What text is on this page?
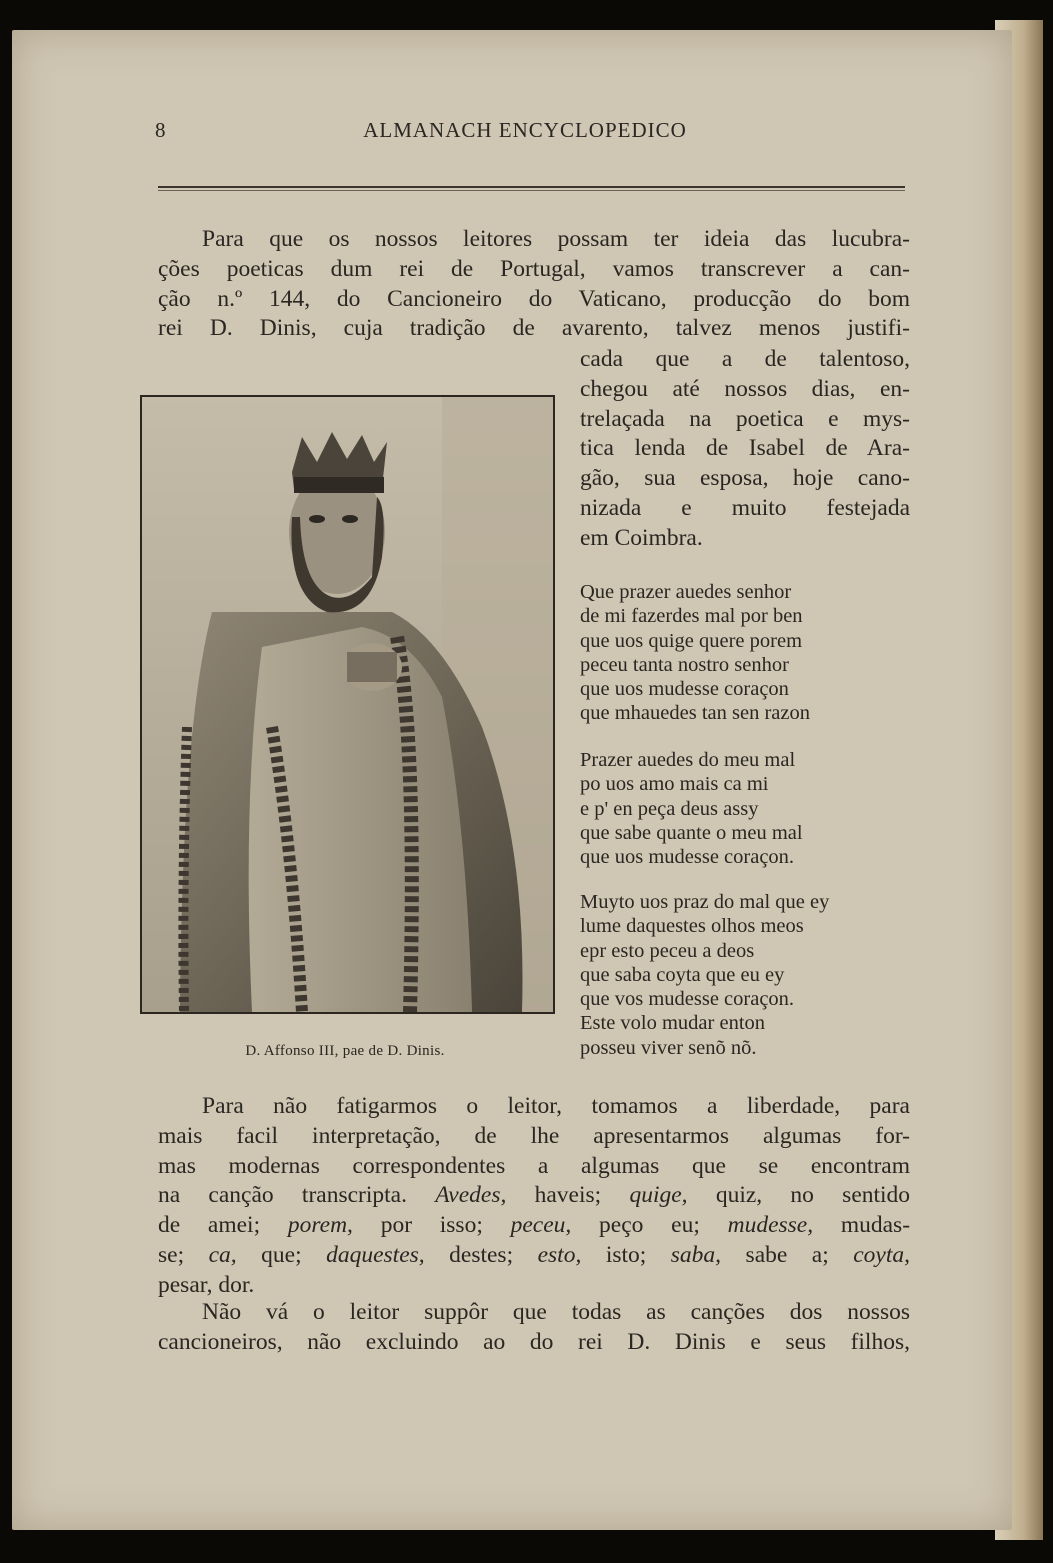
8	ALMANACH ENCYCLOPEDICO
Para que os nossos leitores possam ter ideia das lucubra-
ções poeticas dum rei de Portugal, vamos transcrever a can-
ção n.º 144, do Cancioneiro do Vaticano, producção do bom
rei D. Dinis, cuja tradição de avarento, talvez menos justifi-
cada que a de talentoso,
chegou até nossos dias, en-
trelaçada na poetica e mys-
tica lenda de Isabel de Ara-
gão, sua esposa, hoje cano-
nizada e muito festejada
em Coimbra.
D. Affonso III, pae de D. Dinis.
Que prazer auedes senhor
de mi fazerdes mal por ben
que uos quige quere porem
peceu tanta nostro senhor
que uos mudesse coraçon
que mhauedes tan sen razon
Prazer auedes do meu mal
po uos amo mais ca mi
e p' en peça deus assy
que sabe quante o meu mal
que uos mudesse coraçon.
Muyto uos praz do mal que ey
lume daquestes olhos meos
epr esto peceu a deos
que saba coyta que eu ey
que vos mudesse coraçon.
Este volo mudar enton
posseu viver senõ nõ.
Para não fatigarmos o leitor, tomamos a liberdade, para
mais facil interpretação, de lhe apresentarmos algumas for-
mas modernas correspondentes a algumas que se encontram
na canção transcripta. Avedes, haveis; quige, quiz, no sentido
de amei; porem, por isso; peceu, peço eu; mudesse, mudas-
se; ca, que; daquestes, destes; esto, isto; saba, sabe a; coyta,
pesar, dor.
Não vá o leitor suppôr que todas as canções dos nossos
cancioneiros, não excluindo ao do rei D. Dinis e seus filhos,
